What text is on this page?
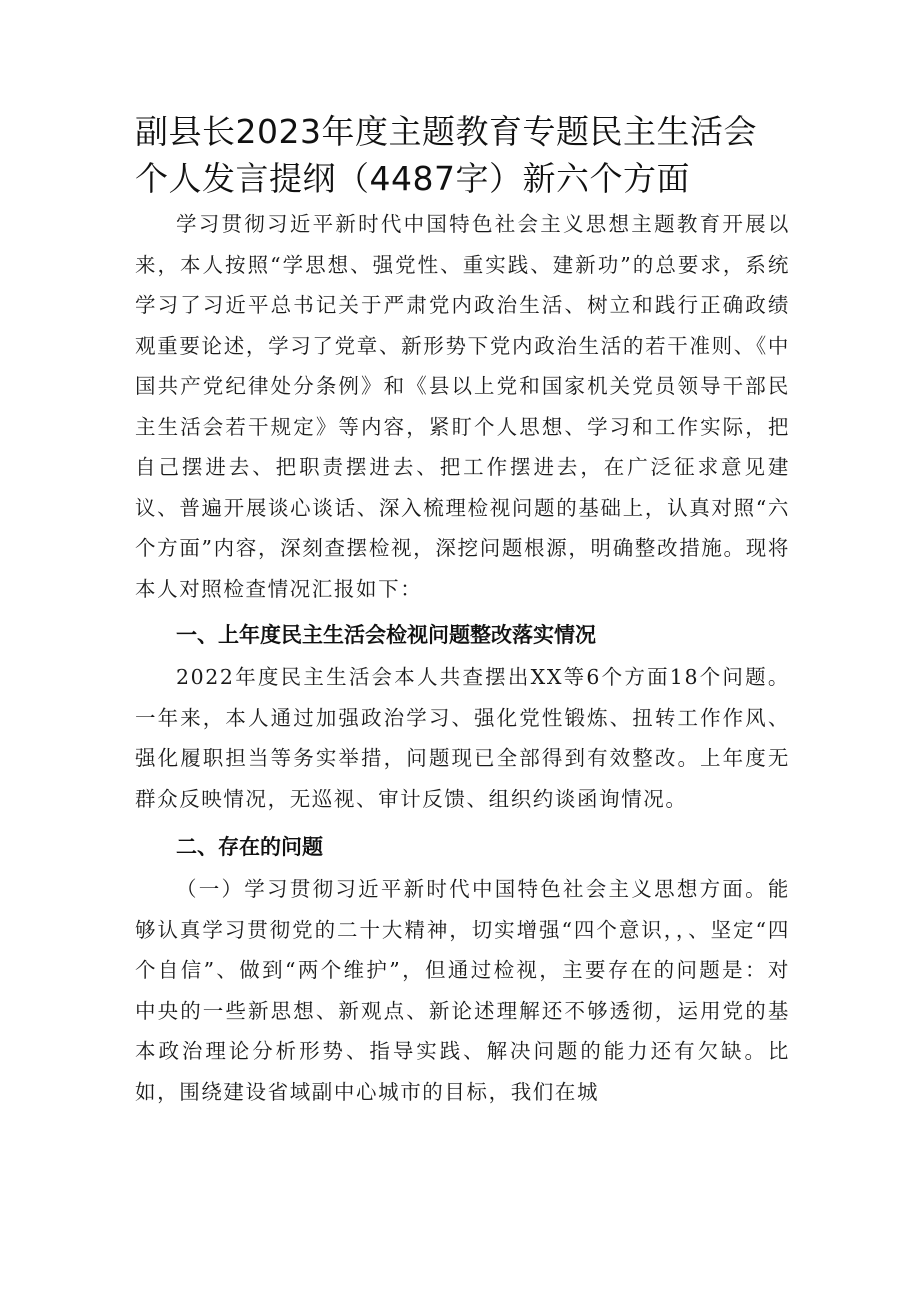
副县长2023年度主题教育专题民主生活会个人发言提纲（4487字）新六个方面

学习贯彻习近平新时代中国特色社会主义思想主题教育开展以来，本人按照“学思想、强党性、重实践、建新功”的总要求，系统学习了习近平总书记关于严肃党内政治生活、树立和践行正确政绩观重要论述，学习了党章、新形势下党内政治生活的若干准则、《中国共产党纪律处分条例》和《县以上党和国家机关党员领导干部民主生活会若干规定》等内容，紧盯个人思想、学习和工作实际，把自己摆进去、把职责摆进去、把工作摆进去，在广泛征求意见建议、普遍开展谈心谈话、深入梳理检视问题的基础上，认真对照“六个方面”内容，深刻查摆检视，深挖问题根源，明确整改措施。现将本人对照检查情况汇报如下：

一、上年度民主生活会检视问题整改落实情况

2022年度民主生活会本人共查摆出XX等6个方面18个问题。一年来，本人通过加强政治学习、强化党性锻炼、扭转工作作风、强化履职担当等务实举措，问题现已全部得到有效整改。上年度无群众反映情况，无巡视、审计反馈、组织约谈函询情况。

二、存在的问题

（一）学习贯彻习近平新时代中国特色社会主义思想方面。能够认真学习贯彻党的二十大精神，切实增强“四个意识，，、坚定“四个自信”、做到“两个维护”，但通过检视，主要存在的问题是：对中央的一些新思想、新观点、新论述理解还不够透彻，运用党的基本政治理论分析形势、指导实践、解决问题的能力还有欠缺。比如，围绕建设省域副中心城市的目标，我们在城
